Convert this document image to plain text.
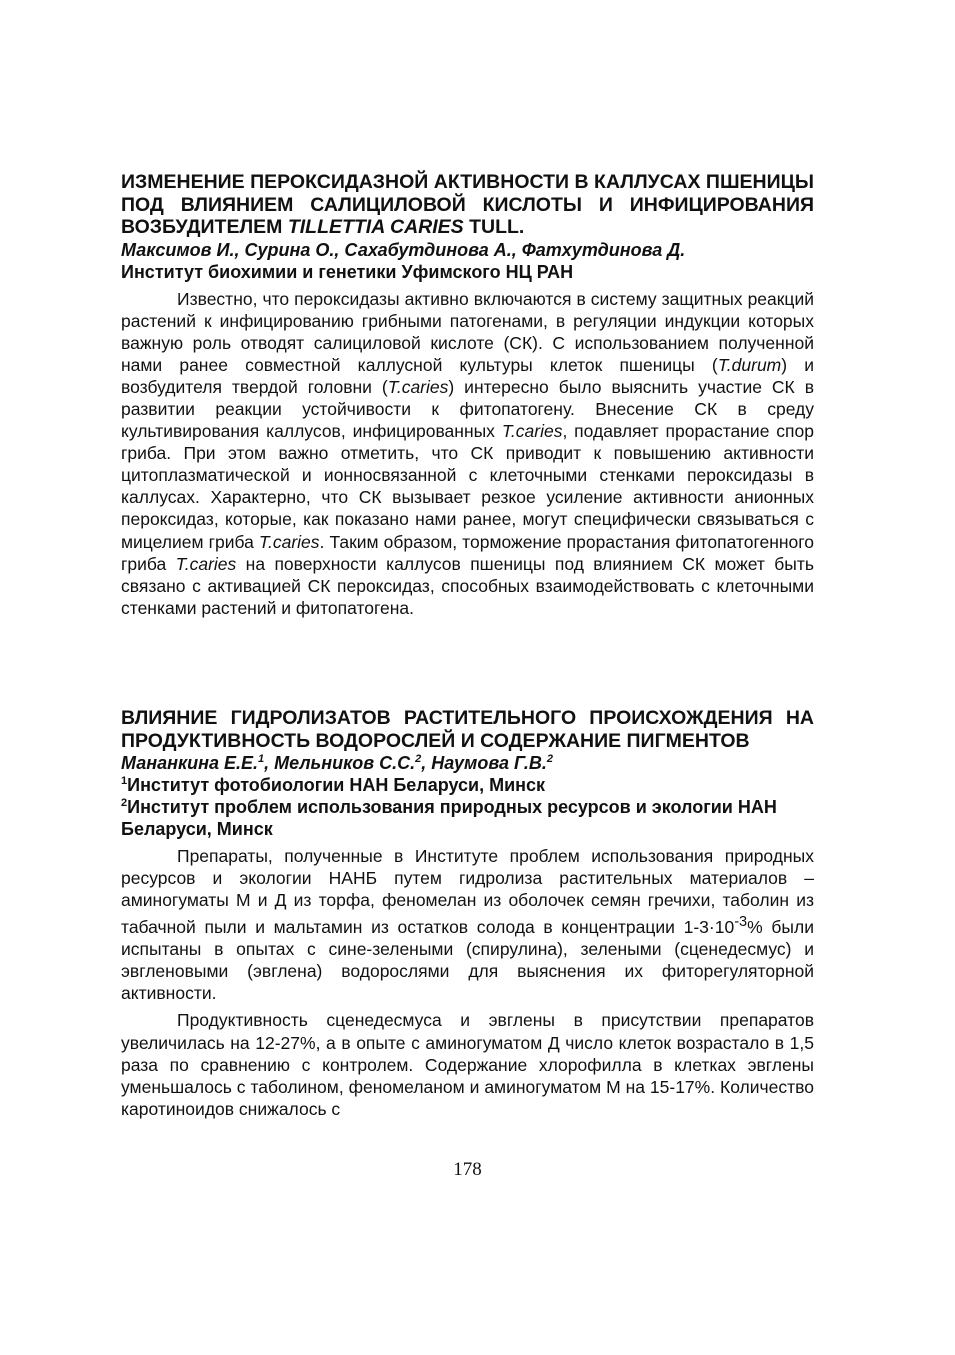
ИЗМЕНЕНИЕ ПЕРОКСИДАЗНОЙ АКТИВНОСТИ В КАЛЛУСАХ ПШЕНИЦЫ ПОД ВЛИЯНИЕМ САЛИЦИЛОВОЙ КИСЛОТЫ И ИНФИЦИРОВАНИЯ ВОЗБУДИТЕЛЕМ TILLETTIA CARIES TULL.

Максимов И., Сурина О., Сахабутдинова А., Фатхутдинова Д.

Институт биохимии и генетики Уфимского НЦ РАН

Известно, что пероксидазы активно включаются в систему защитных реакций растений к инфицированию грибными патогенами, в регуляции индукции которых важную роль отводят салициловой кислоте (СК). С использованием полученной нами ранее совместной каллусной культуры клеток пшеницы (T.durum) и возбудителя твердой головни (T.caries) интересно было выяснить участие СК в развитии реакции устойчивости к фитопатогену. Внесение СК в среду культивирования каллусов, инфицированных T.caries, подавляет прорастание спор гриба. При этом важно отметить, что СК приводит к повышению активности цитоплазматической и ионносвязанной с клеточными стенками пероксидазы в каллусах. Характерно, что СК вызывает резкое усиление активности анионных пероксидаз, которые, как показано нами ранее, могут специфически связываться с мицелием гриба T.caries. Таким образом, торможение прорастания фитопатогенного гриба T.caries на поверхности каллусов пшеницы под влиянием СК может быть связано с активацией СК пероксидаз, способных взаимодействовать с клеточными стенками растений и фитопатогена.

ВЛИЯНИЕ ГИДРОЛИЗАТОВ РАСТИТЕЛЬНОГО ПРОИСХОЖДЕНИЯ НА ПРОДУКТИВНОСТЬ ВОДОРОСЛЕЙ И СОДЕРЖАНИЕ ПИГМЕНТОВ

Мананкина Е.Е.$^1$, Мельников С.С.$^2$, Наумова Г.В.$^2$

$^1$Институт фотобиологии НАН Беларуси, Минск

$^2$Институт проблем использования природных ресурсов и экологии НАН Беларуси, Минск

Препараты, полученные в Институте проблем использования природных ресурсов и экологии НАНБ путем гидролиза растительных материалов – аминогуматы М и Д из торфа, феномелан из оболочек семян гречихи, таболин из табачной пыли и мальтамин из остатков солода в концентрации $1-3\cdot 10^{-3}\%$ были испытаны в опытах с сине-зелеными (спирулина), зелеными (сценедесмус) и эвгленовыми (эвглена) водорослями для выяснения их фиторегуляторной активности.

Продуктивность сценедесмуса и эвглены в присутствии препаратов увеличилась на 12-27%, а в опыте с аминогуматом Д число клеток возрастало в 1,5 раза по сравнению с контролем. Содержание хлорофилла в клетках эвглены уменьшалось с таболином, феномеланом и аминогуматом М на 15-17%. Количество каротиноидов снижалось с

178
